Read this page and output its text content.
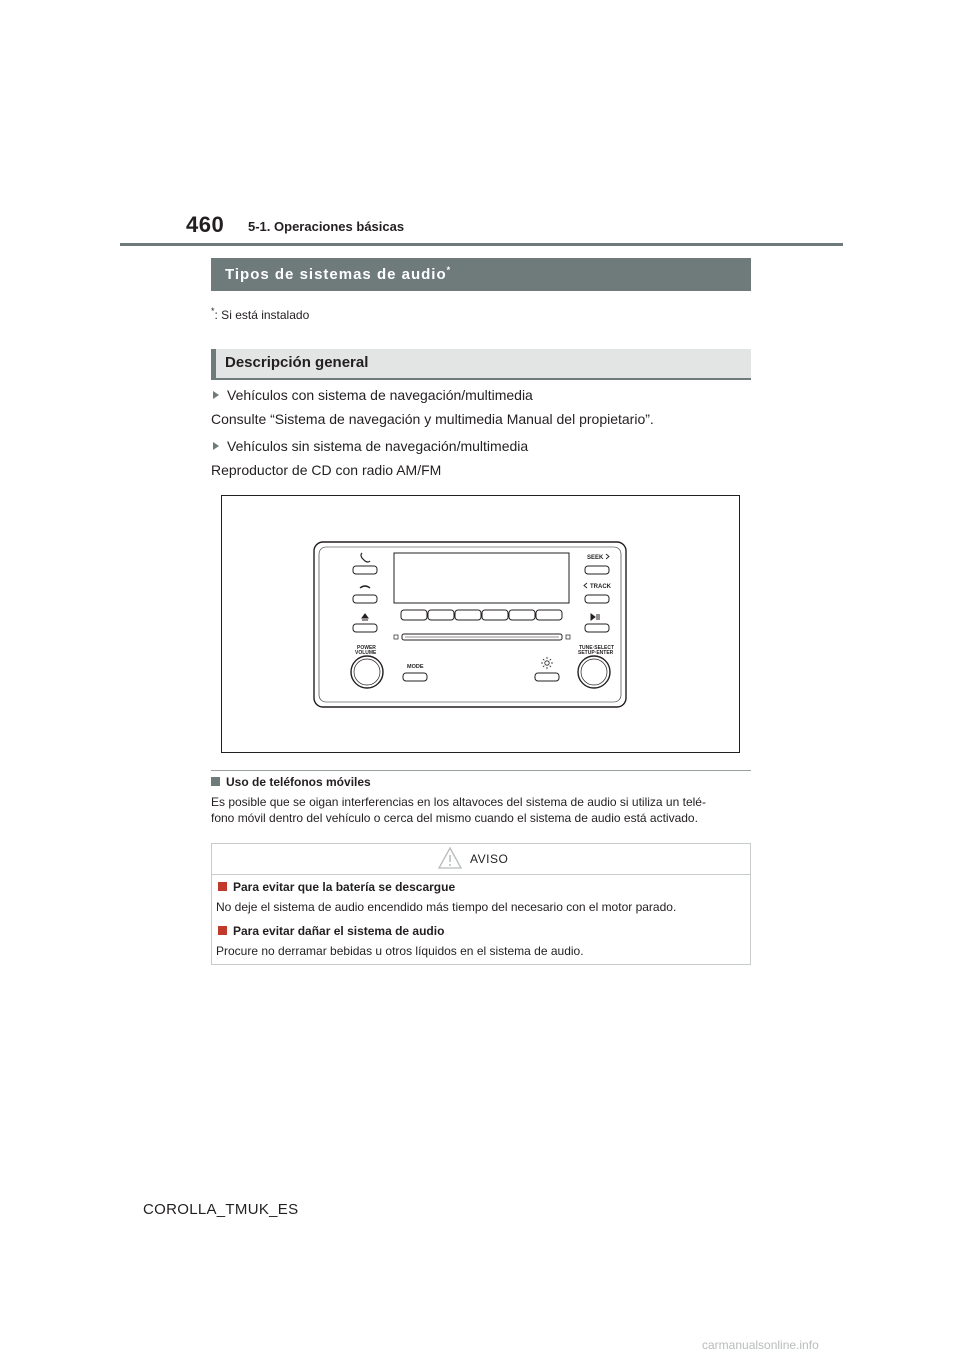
460 5-1. Operaciones básicas
Tipos de sistemas de audio*
*: Si está instalado
Descripción general
Vehículos con sistema de navegación/multimedia
Consulte “Sistema de navegación y multimedia Manual del propietario”.
Vehículos sin sistema de navegación/multimedia
Reproductor de CD con radio AM/FM
SEEK
TRACK
POWER
VOLUME
TUNE·SELECT
SETUP·ENTER
MODE
Uso de teléfonos móviles
Es posible que se oigan interferencias en los altavoces del sistema de audio si utiliza un telé-
fono móvil dentro del vehículo o cerca del mismo cuando el sistema de audio está activado.
AVISO
Para evitar que la batería se descargue
No deje el sistema de audio encendido más tiempo del necesario con el motor parado.
Para evitar dañar el sistema de audio
Procure no derramar bebidas u otros líquidos en el sistema de audio.
COROLLA_TMUK_ES
carmanualsonline.info
